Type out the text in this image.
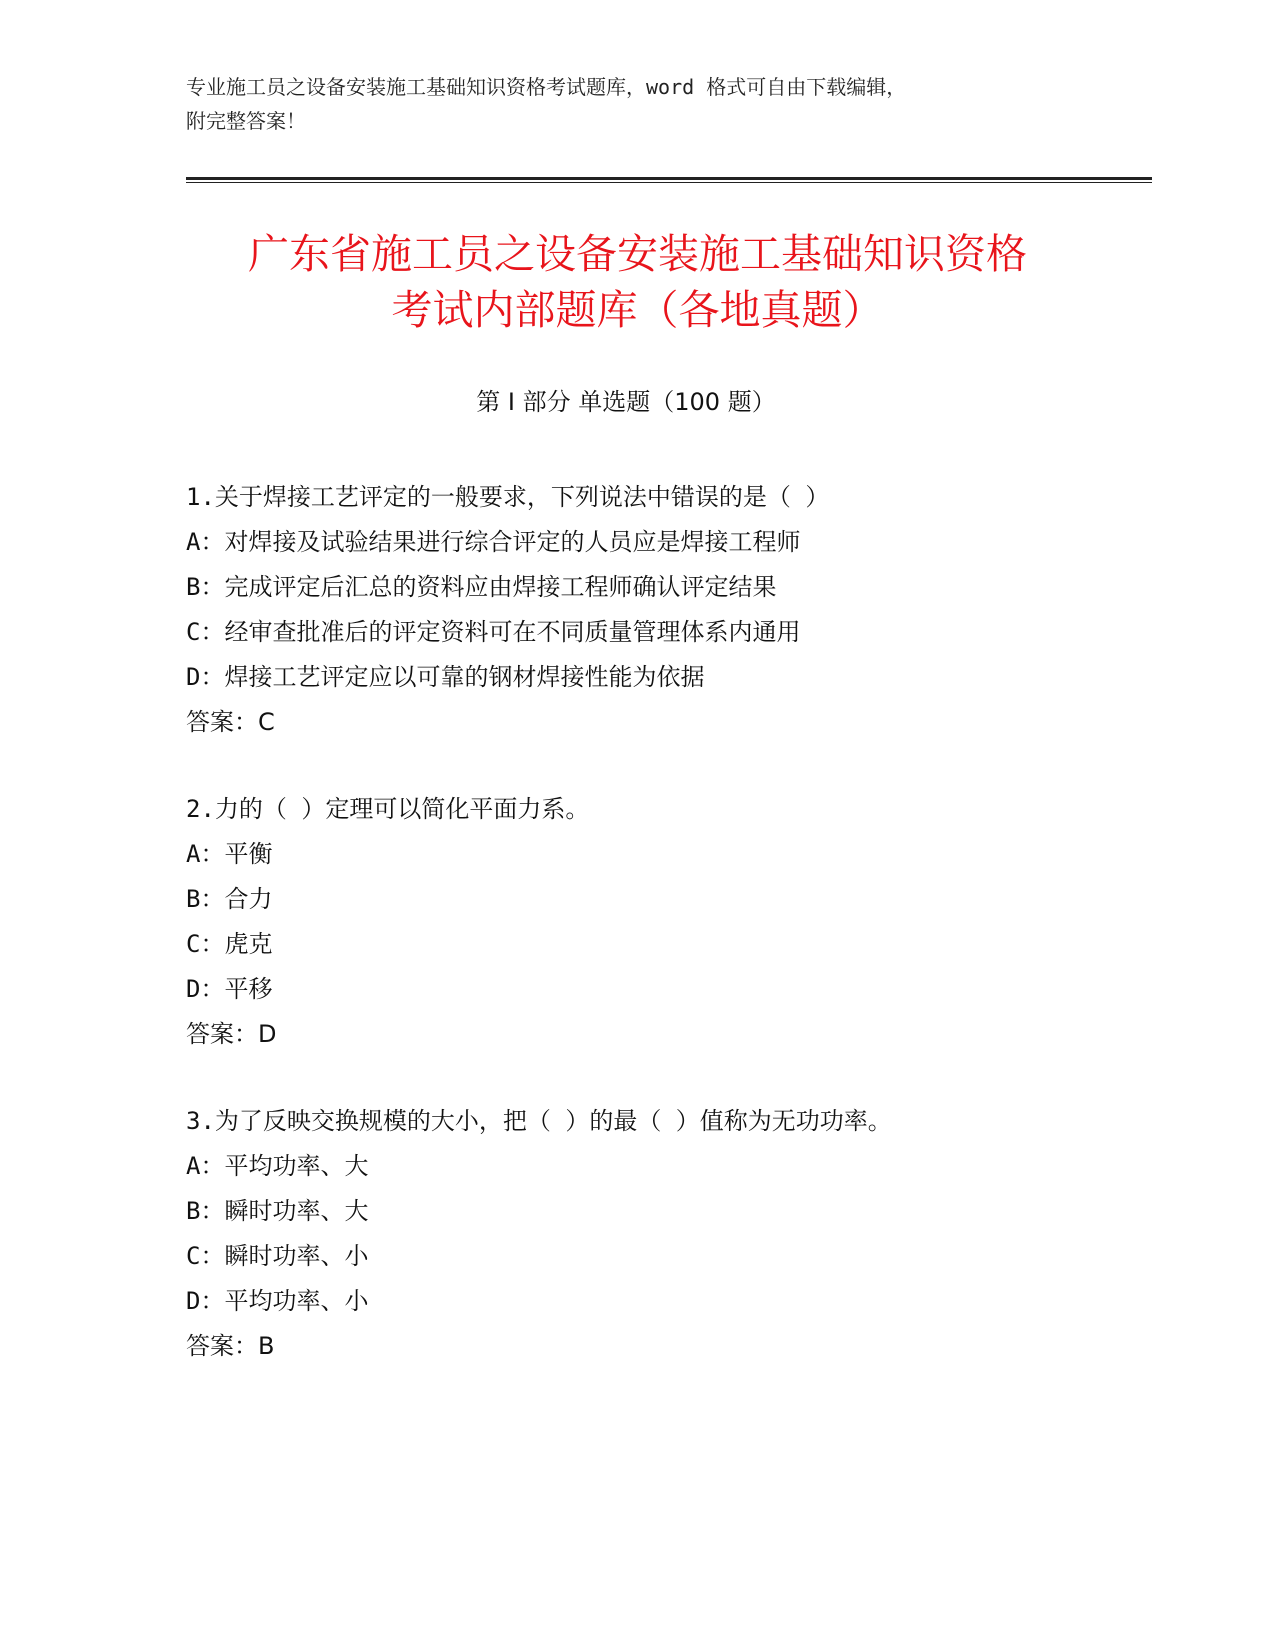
专业施工员之设备安装施工基础知识资格考试题库，word 格式可自由下载编辑，
附完整答案！
广东省施工员之设备安装施工基础知识资格
考试内部题库（各地真题）
第 I 部分 单选题（100 题）
1.关于焊接工艺评定的一般要求，下列说法中错误的是（ ）
A：对焊接及试验结果进行综合评定的人员应是焊接工程师
B：完成评定后汇总的资料应由焊接工程师确认评定结果
C：经审查批准后的评定资料可在不同质量管理体系内通用
D：焊接工艺评定应以可靠的钢材焊接性能为依据
答案：C
2.力的（ ）定理可以简化平面力系。
A：平衡
B：合力
C：虎克
D：平移
答案：D
3.为了反映交换规模的大小，把（ ）的最（ ）值称为无功功率。
A：平均功率、大
B：瞬时功率、大
C：瞬时功率、小
D：平均功率、小
答案：B
